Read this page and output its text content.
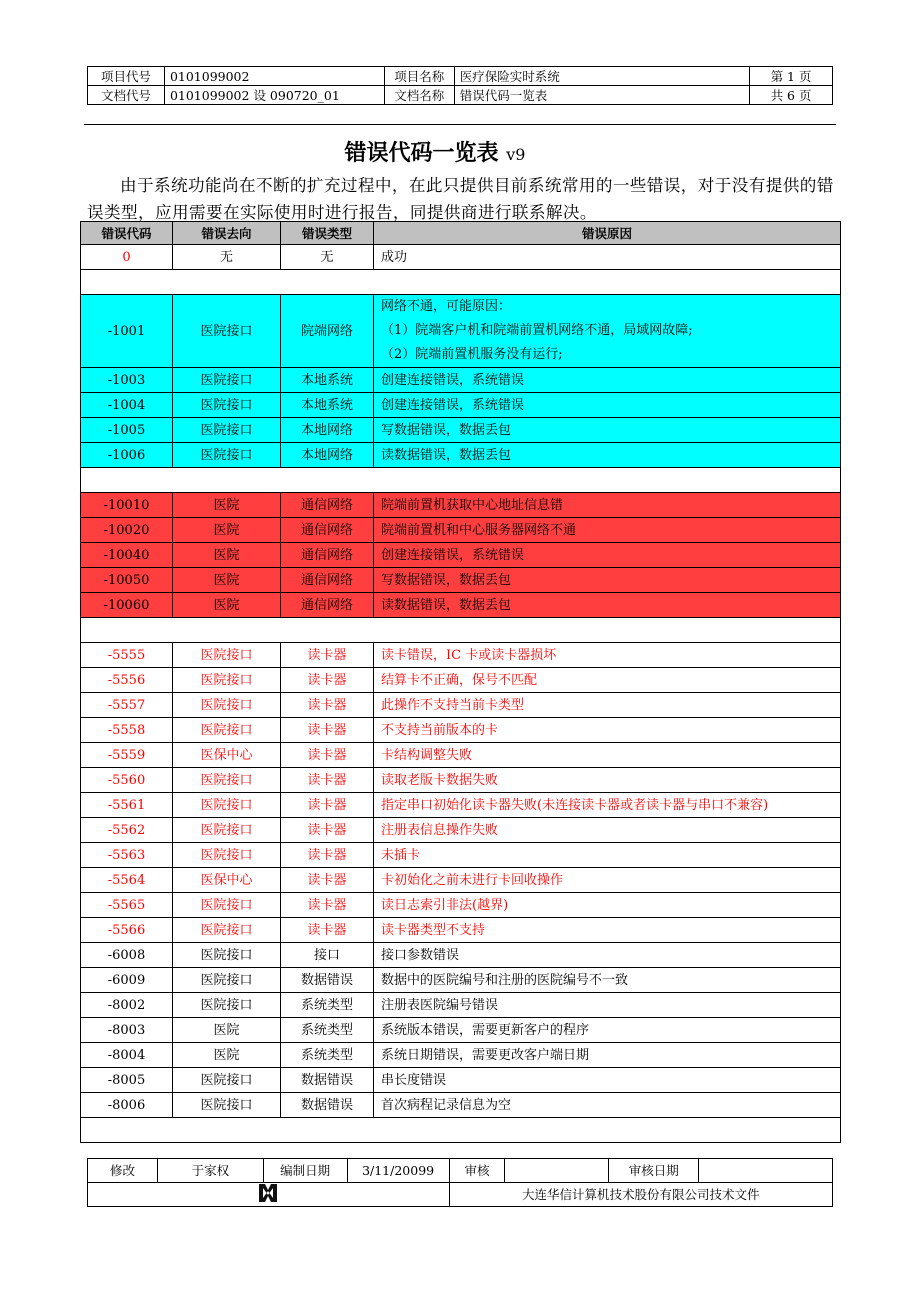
项目代号	0101099002	项目名称	医疗保险实时系统	第 1 页
文档代号	0101099002 设 090720_01	文档名称	错误代码一览表	共 6 页
错误代码一览表 v9

由于系统功能尚在不断的扩充过程中，在此只提供目前系统常用的一些错误，对于没有提供的错误类型，应用需要在实际使用时进行报告，同提供商进行联系解决。

错误代码	错误去向	错误类型	错误原因
0	无	无	成功

-1001	医院接口	院端网络	网络不通，可能原因：
（1）院端客户机和院端前置机网络不通，局域网故障;
（2）院端前置机服务没有运行;

-1003	医院接口	本地系统	创建连接错误，系统错误
-1004	医院接口	本地系统	创建连接错误，系统错误
-1005	医院接口	本地网络	写数据错误，数据丢包
-1006	医院接口	本地网络	读数据错误，数据丢包

-10010	医院	通信网络	院端前置机获取中心地址信息错
-10020	医院	通信网络	院端前置机和中心服务器网络不通
-10040	医院	通信网络	创建连接错误，系统错误
-10050	医院	通信网络	写数据错误，数据丢包
-10060	医院	通信网络	读数据错误，数据丢包

-5555	医院接口	读卡器	读卡错误，IC 卡或读卡器损坏
-5556	医院接口	读卡器	结算卡不正确，保号不匹配
-5557	医院接口	读卡器	此操作不支持当前卡类型
-5558	医院接口	读卡器	不支持当前版本的卡
-5559	医保中心	读卡器	卡结构调整失败
-5560	医院接口	读卡器	读取老版卡数据失败
-5561	医院接口	读卡器	指定串口初始化读卡器失败(未连接读卡器或者读卡器与串口不兼容)
-5562	医院接口	读卡器	注册表信息操作失败
-5563	医院接口	读卡器	未插卡
-5564	医保中心	读卡器	卡初始化之前未进行卡回收操作
-5565	医院接口	读卡器	读日志索引非法(越界)
-5566	医院接口	读卡器	读卡器类型不支持
-6008	医院接口	接口	接口参数错误
-6009	医院接口	数据错误	数据中的医院编号和注册的医院编号不一致
-8002	医院接口	系统类型	注册表医院编号错误
-8003	医院	系统类型	系统版本错误，需要更新客户的程序
-8004	医院	系统类型	系统日期错误，需要更改客户端日期
-8005	医院接口	数据错误	串长度错误
-8006	医院接口	数据错误	首次病程记录信息为空

修改	于家权	编制日期	3/11/20099	审核		审核日期	
	大连华信计算机技术股份有限公司技术文件			
